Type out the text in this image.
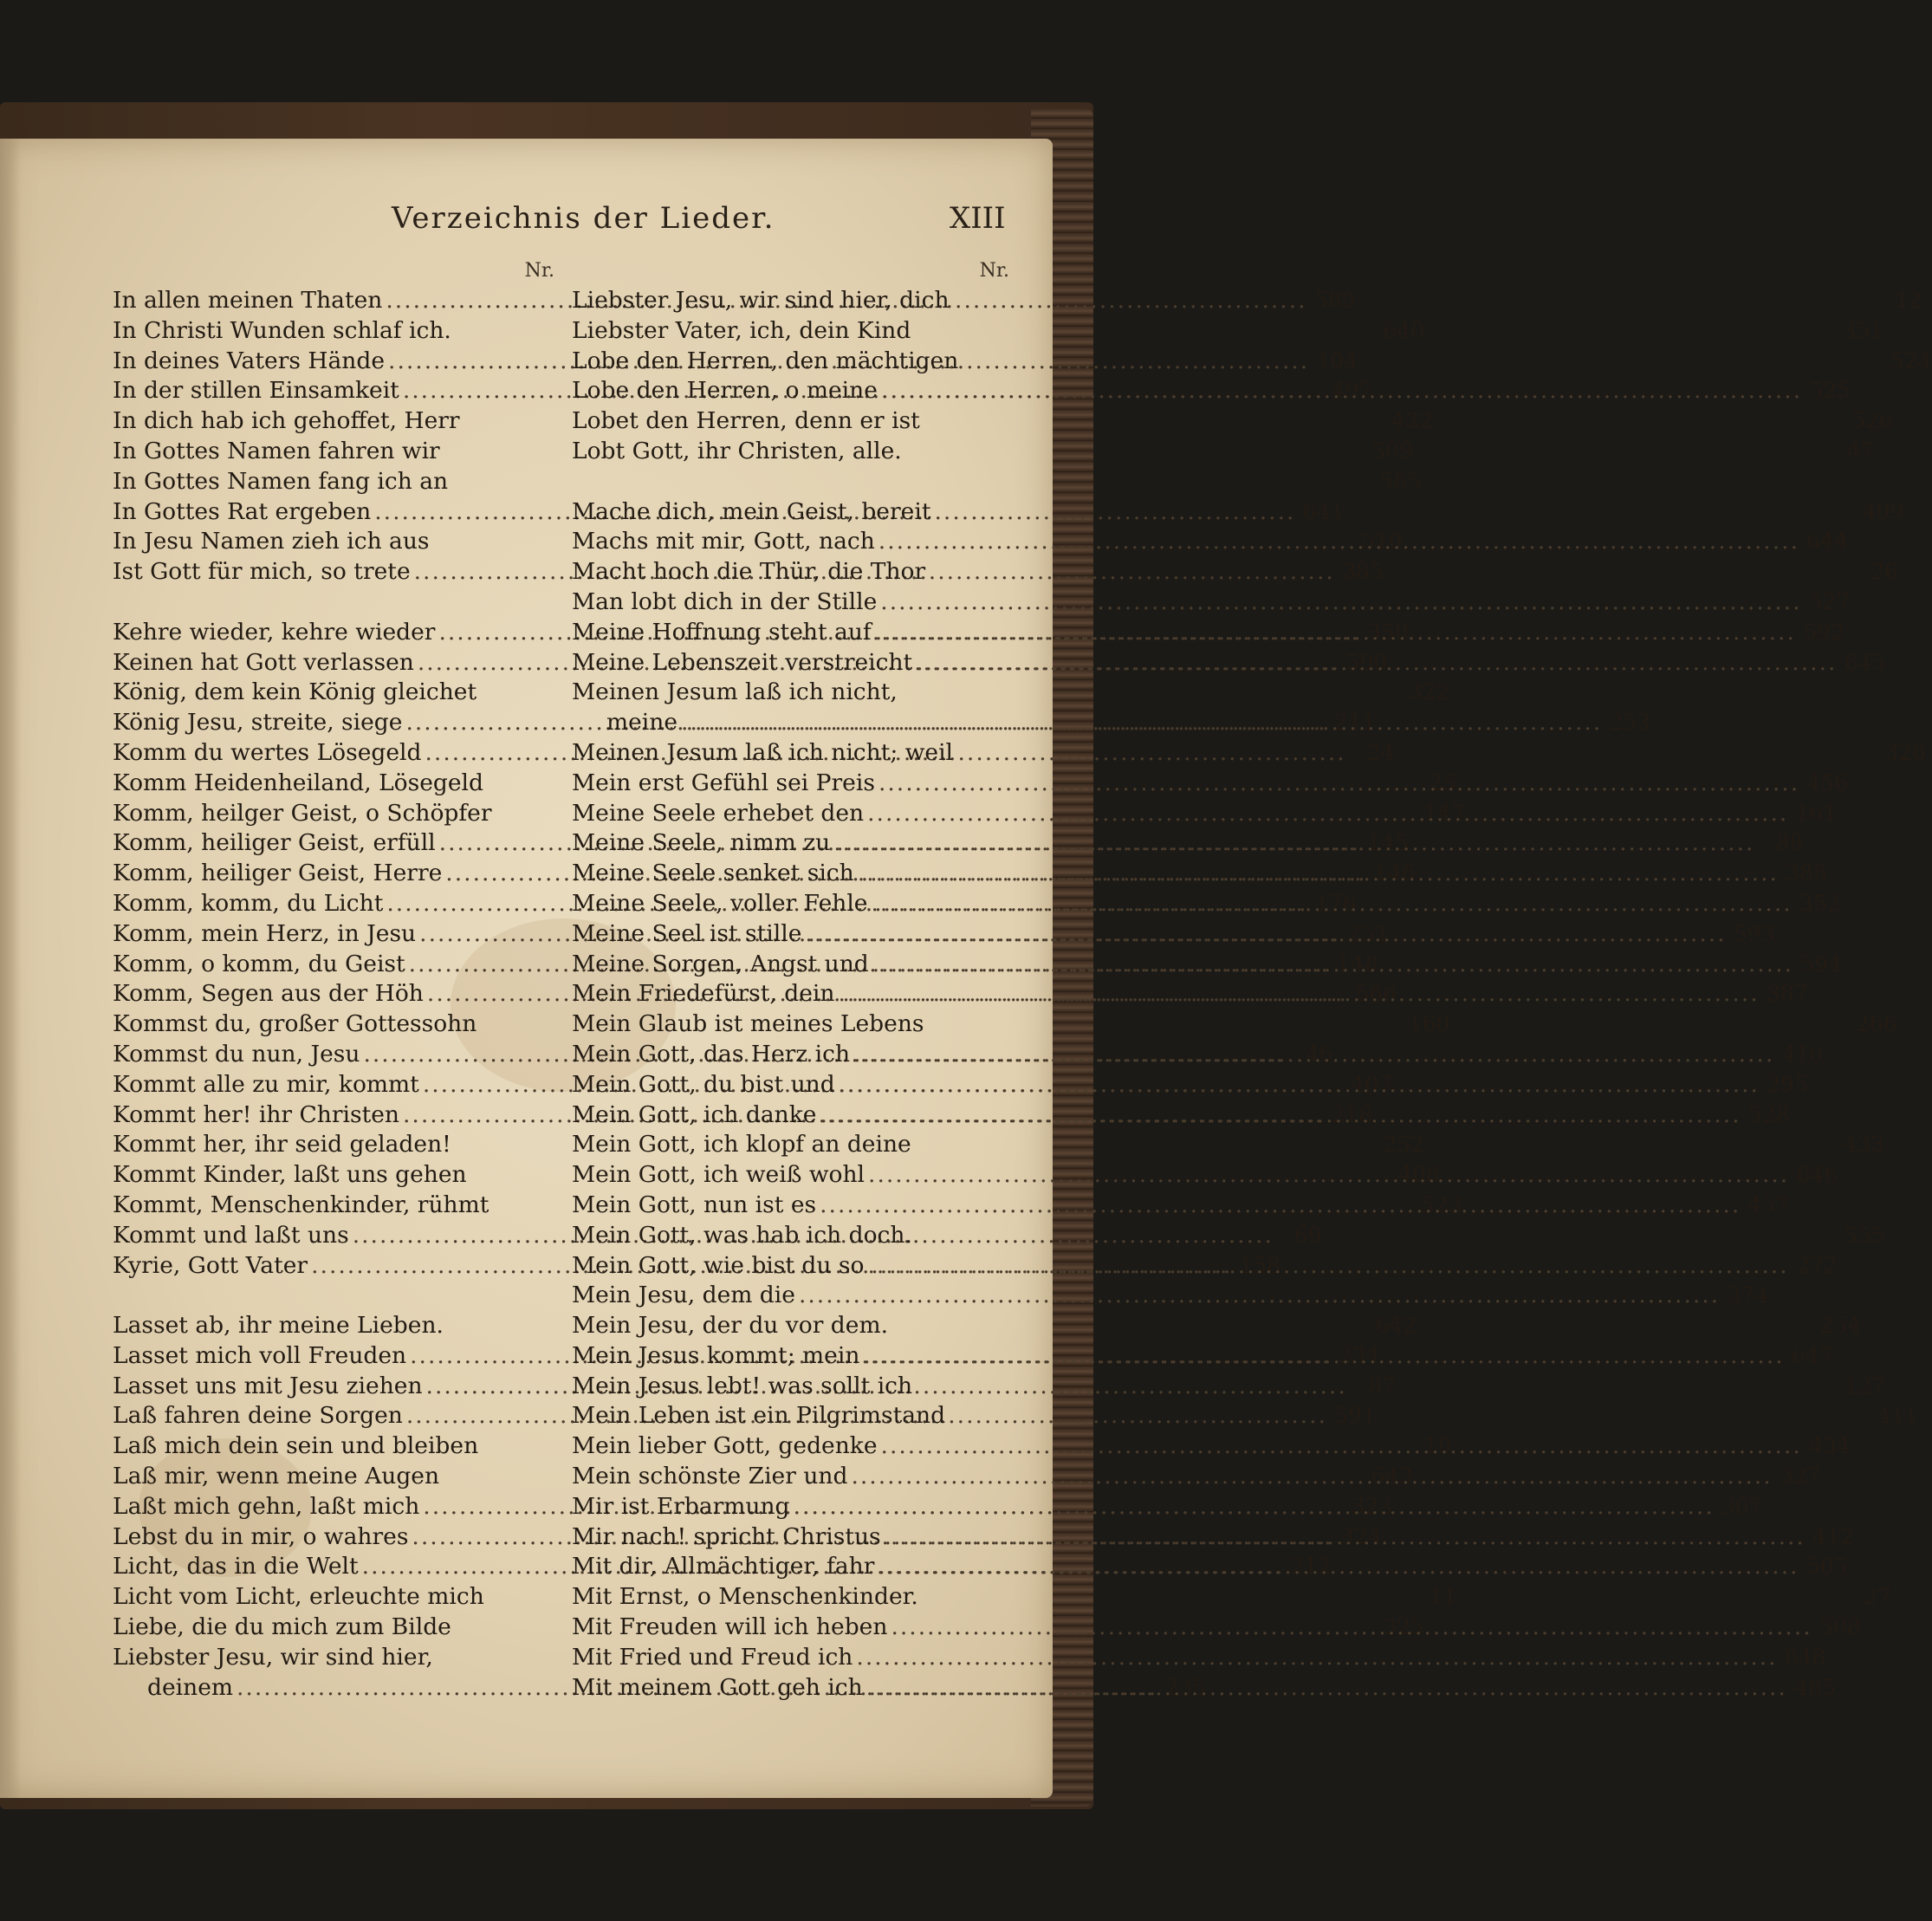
Verzeichnis der Lieder.	XIII
Nr.
In allen meinen Thaten .....	589
In Christi Wunden schlaf ich.	640
In deines Vaters Hände .....	104
In der stillen Einsamkeit .....	497
In dich hab ich gehoffet, Herr	432
In Gottes Namen fahren wir	509
In Gottes Namen fang ich an	565
In Gottes Rat ergeben .....	641
In Jesu Namen zieh ich aus	510
Ist Gott für mich, so trete .....	385
Kehre wieder, kehre wieder .....	350
Keinen hat Gott verlassen .....	590
König, dem kein König gleichet	322
König Jesu, streite, siege .....	211
Komm du wertes Lösegeld .....	24
Komm Heidenheiland, Lösegeld	25
Komm, heilger Geist, o Schöpfer	147
Komm, heiliger Geist, erfüll .....	145
Komm, heiliger Geist, Herre .....	146
Komm, komm, du Licht .....	176
Komm, mein Herz, in Jesu .....	251
Komm, o komm, du Geist .....	148
Komm, Segen aus der Höh .....	566
Kommst du, großer Gottessohn	160
Kommst du nun, Jesu .....	46
Kommt alle zu mir, kommt .....	407
Kommt her! ihr Christen .....	218
Kommt her, ihr seid geladen!	252
Kommt Kinder, laßt uns gehen	408
Kommt, Menschenkinder, rühmt	523
Kommt und laßt uns .....	69
Kyrie, Gott Vater .....	158
Lasset ab, ihr meine Lieben.	642
Lasset mich voll Freuden .....	234
Lasset uns mit Jesu ziehen .....	87
Laß fahren deine Sorgen .....	591
Laß mich dein sein und bleiben	10
Laß mir, wenn meine Augen	643
Laßt mich gehn, laßt mich .....	323
Lebst du in mir, o wahres .....	324
Licht, das in die Welt .....	212
Licht vom Licht, erleuchte mich	11
Liebe, die du mich zum Bilde	325
Liebster Jesu, wir sind hier,
deinem .....	235
Nr.
Liebster Jesu, wir sind hier, dich	12
Liebster Vater, ich, dein Kind	351
Lobe den Herren, den mächtigen	524
Lobe den Herren, o meine .....	525
Lobet den Herren, denn er ist	526
Lobt Gott, ihr Christen, alle.	47
Mache dich, mein Geist, bereit	409
Machs mit mir, Gott, nach .....	644
Macht hoch die Thür, die Thor	26
Man lobt dich in der Stille .....	527
Meine Hoffnung steht auf .....	592
Meine Lebenszeit verstreicht .....	645
Meinen Jesum laß ich nicht,
meine .....	253
Meinen Jesum laß ich nicht; weil	326
Mein erst Gefühl sei Preis .....	456
Meine Seele erhebet den .....	161
Meine Seele, nimm zu .....	88
Meine Seele senket sich .....	386
Meine Seele, voller Fehle .....	352
Meine Seel ist stille .....	593
Meine Sorgen, Angst und .....	594
Mein Friedefürst, dein .....	387
Mein Glaub ist meines Lebens	266
Mein Gott, das Herz ich .....	410
Mein Gott, du bist und .....	295
Mein Gott, ich danke .....	528
Mein Gott, ich klopf an deine	433
Mein Gott, ich weiß wohl .....	646
Mein Gott, nun ist es .....	457
Mein Gott, was hab ich doch.	555
Mein Gott, wie bist du so .....	272
Mein Jesu, dem die .....	374
Mein Jesu, der du vor dem.	254
Mein Jesus kommt; mein .....	647
Mein Jesus lebt! was sollt ich	127
Mein Leben ist ein Pilgrimstand	411
Mein lieber Gott, gedenke .....	434
Mein schönste Zier und .....	327
Mir ist Erbarmung .....	307
Mir nach! spricht Christus .....	412
Mit dir, Allmächtiger, fahr .....	505
Mit Ernst, o Menschenkinder.	27
Mit Freuden will ich heben .....	508
Mit Fried und Freud ich .....	648
Mit meinem Gott geh ich .....	485
